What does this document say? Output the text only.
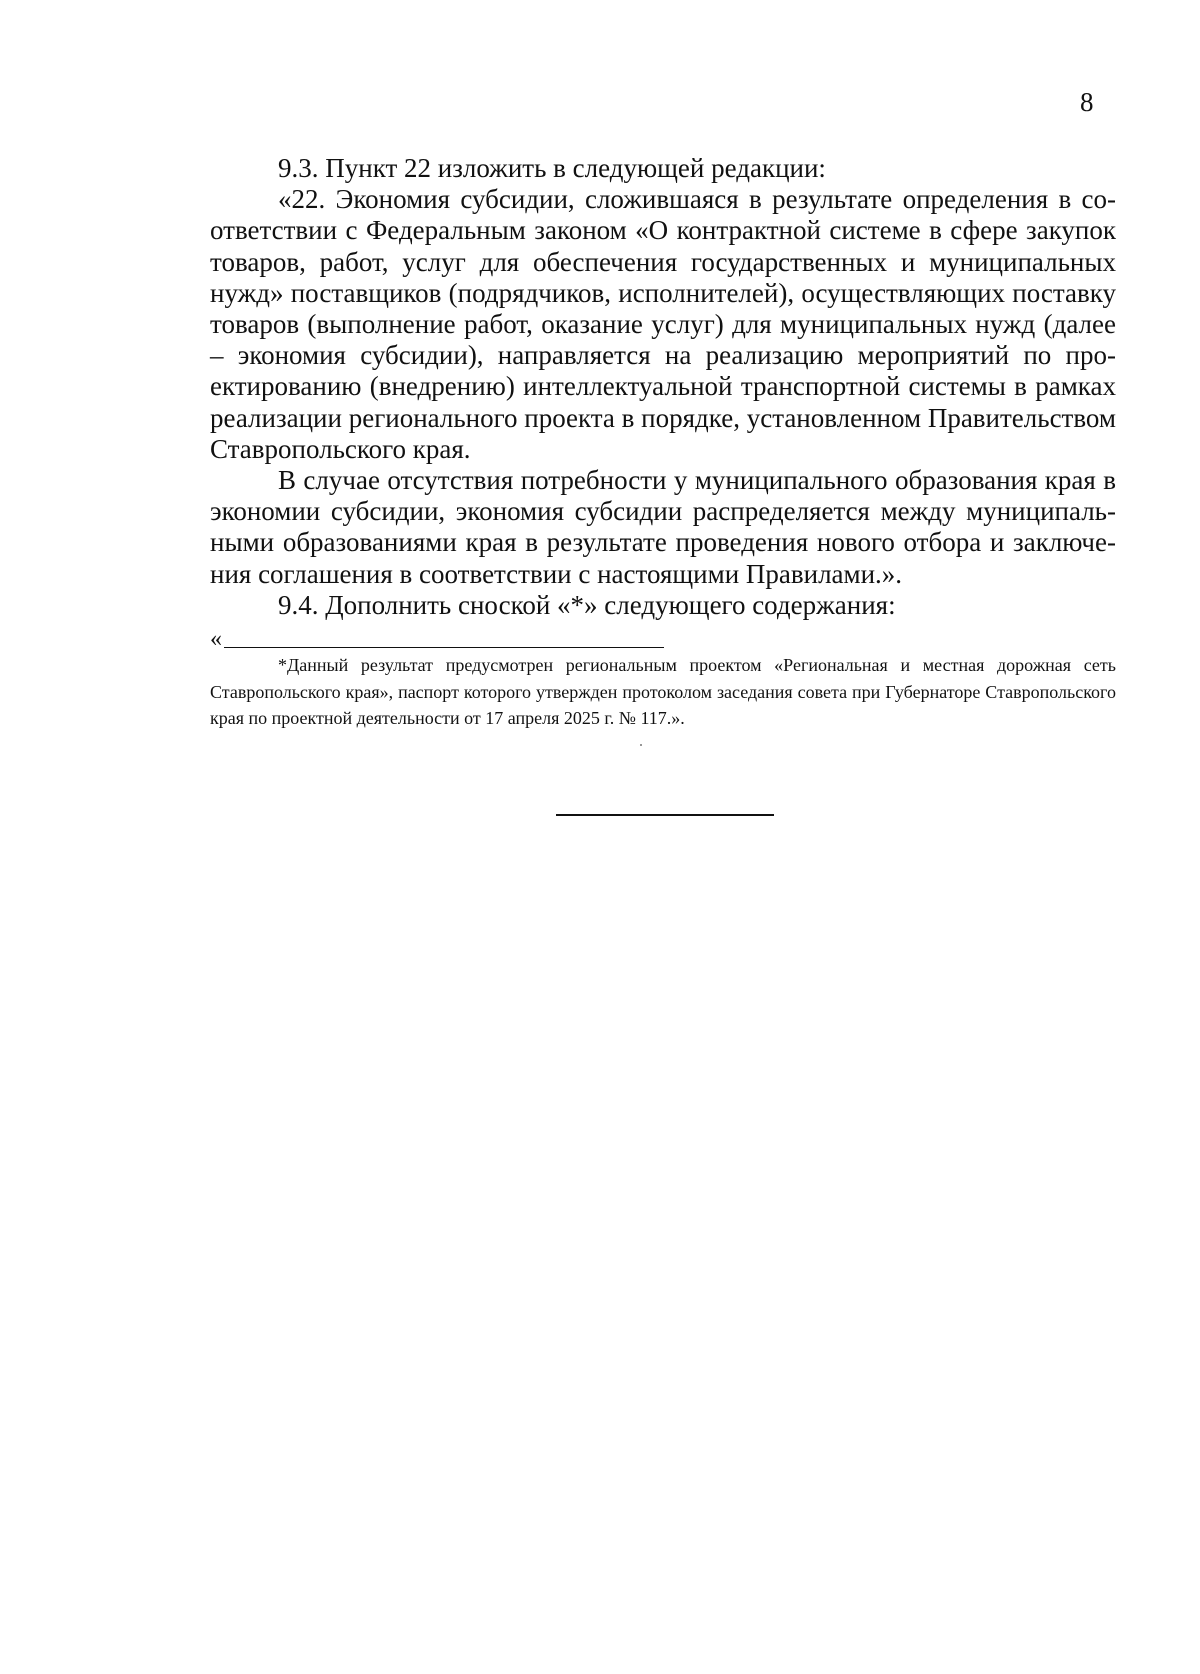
8

9.3. Пункт 22 изложить в следующей редакции:

«22. Экономия субсидии, сложившаяся в результате определения в соответствии с Федеральным законом «О контрактной системе в сфере закупок товаров, работ, услуг для обеспечения государственных и муниципальных нужд» поставщиков (подрядчиков, исполнителей), осуществляющих поставку товаров (выполнение работ, оказание услуг) для муниципальных нужд (далее – экономия субсидии), направляется на реализацию мероприятий по проектированию (внедрению) интеллектуальной транспортной системы в рамках реализации регионального проекта в порядке, установленном Правительством Ставропольского края.

В случае отсутствия потребности у муниципального образования края в экономии субсидии, экономия субсидии распределяется между муниципальными образованиями края в результате проведения нового отбора и заключения соглашения в соответствии с настоящими Правилами.».

9.4. Дополнить сноской «*» следующего содержания:

«

*Данный результат предусмотрен региональным проектом «Региональная и местная дорожная сеть Ставропольского края», паспорт которого утвержден протоколом заседания совета при Губернаторе Ставропольского края по проектной деятельности от 17 апреля 2025 г. № 117.».
